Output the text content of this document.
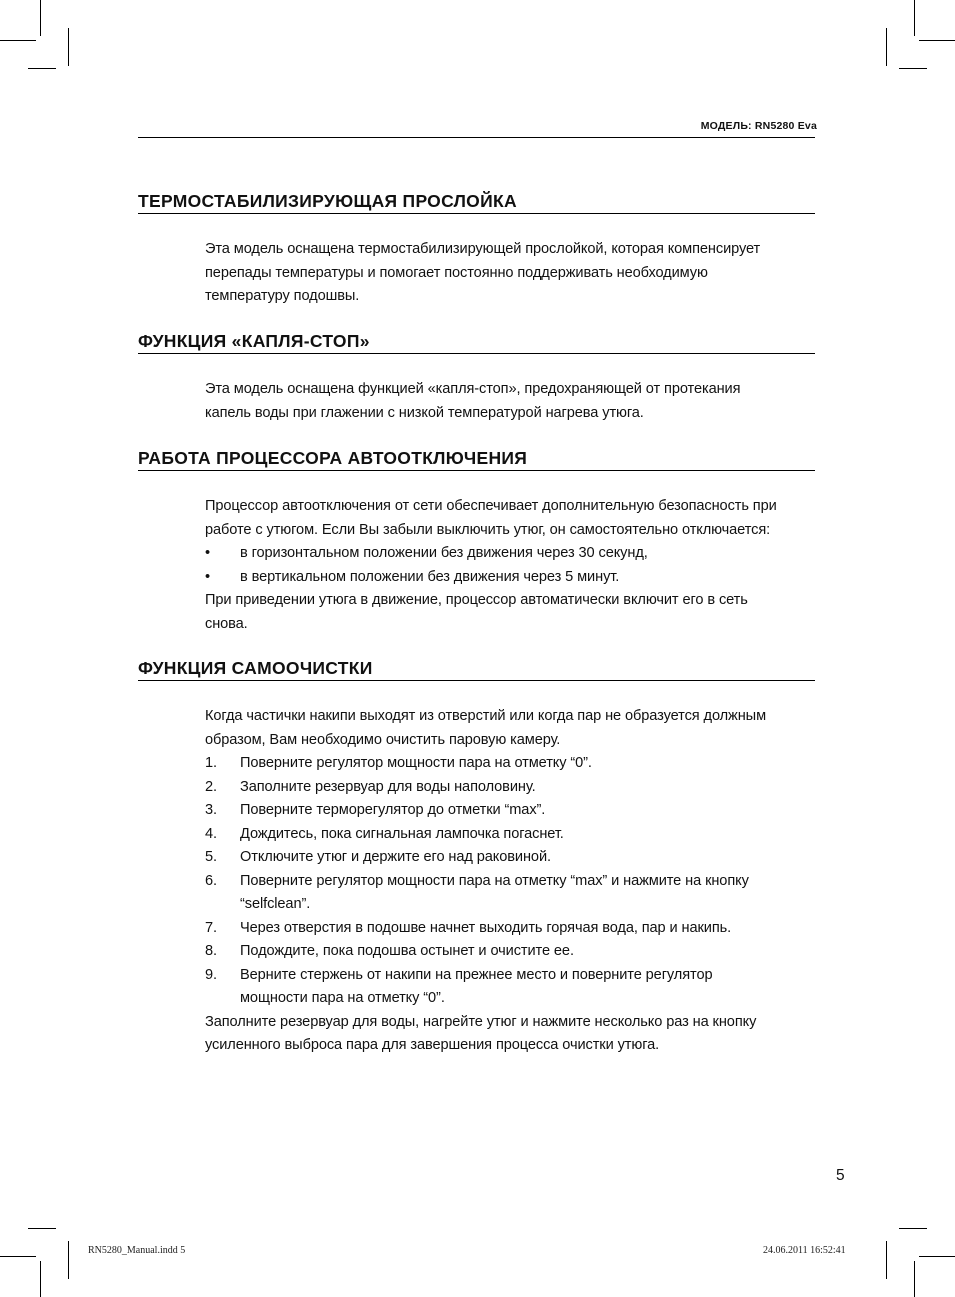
МОДЕЛЬ: RN5280 Eva
ТЕРМОСТАБИЛИЗИРУЮЩАЯ ПРОСЛОЙКА

Эта модель оснащена термостабилизирующей прослойкой, которая компенсирует

перепады температуры и помогает постоянно поддерживать необходимую

температуру подошвы.

ФУНКЦИЯ «КАПЛЯ-СТОП»

Эта модель оснащена функцией «капля-стоп», предохраняющей от протекания

капель воды при глажении с низкой температурой нагрева утюга.

РАБОТА ПРОЦЕССОРА АВТООТКЛЮЧЕНИЯ

Процессор автоотключения от сети обеспечивает дополнительную безопасность при

работе с утюгом. Если Вы забыли выключить утюг, он самостоятельно отключается:

•	в горизонтальном положении без движения через 30 секунд,
•	в вертикальном положении без движения через 5 минут.

При приведении утюга в движение, процессор автоматически включит его в сеть

снова.

ФУНКЦИЯ САМООЧИСТКИ

Когда частички накипи выходят из отверстий или когда пар не образуется должным

образом, Вам необходимо очистить паровую камеру.

1.	Поверните регулятор мощности пара на отметку “0”.
2.	Заполните резервуар для воды наполовину.
3.	Поверните терморегулятор до отметки “max”.
4.	Дождитесь, пока сигнальная лампочка погаснет.
5.	Отключите утюг и держите его над раковиной.
6.	Поверните регулятор мощности пара на отметку “max” и нажмите на кнопку
“selfclean”.
7.	Через отверстия в подошве начнет выходить горячая вода, пар и накипь.
8.	Подождите, пока подошва остынет и очистите ее.
9.	Верните стержень от накипи на прежнее место и поверните регулятор
мощности пара на отметку “0”.

Заполните резервуар для воды, нагрейте утюг и нажмите несколько раз на кнопку

усиленного выброса пара для завершения процесса очистки утюга.

5
RN5280_Manual.indd 5	24.06.2011 16:52:41
